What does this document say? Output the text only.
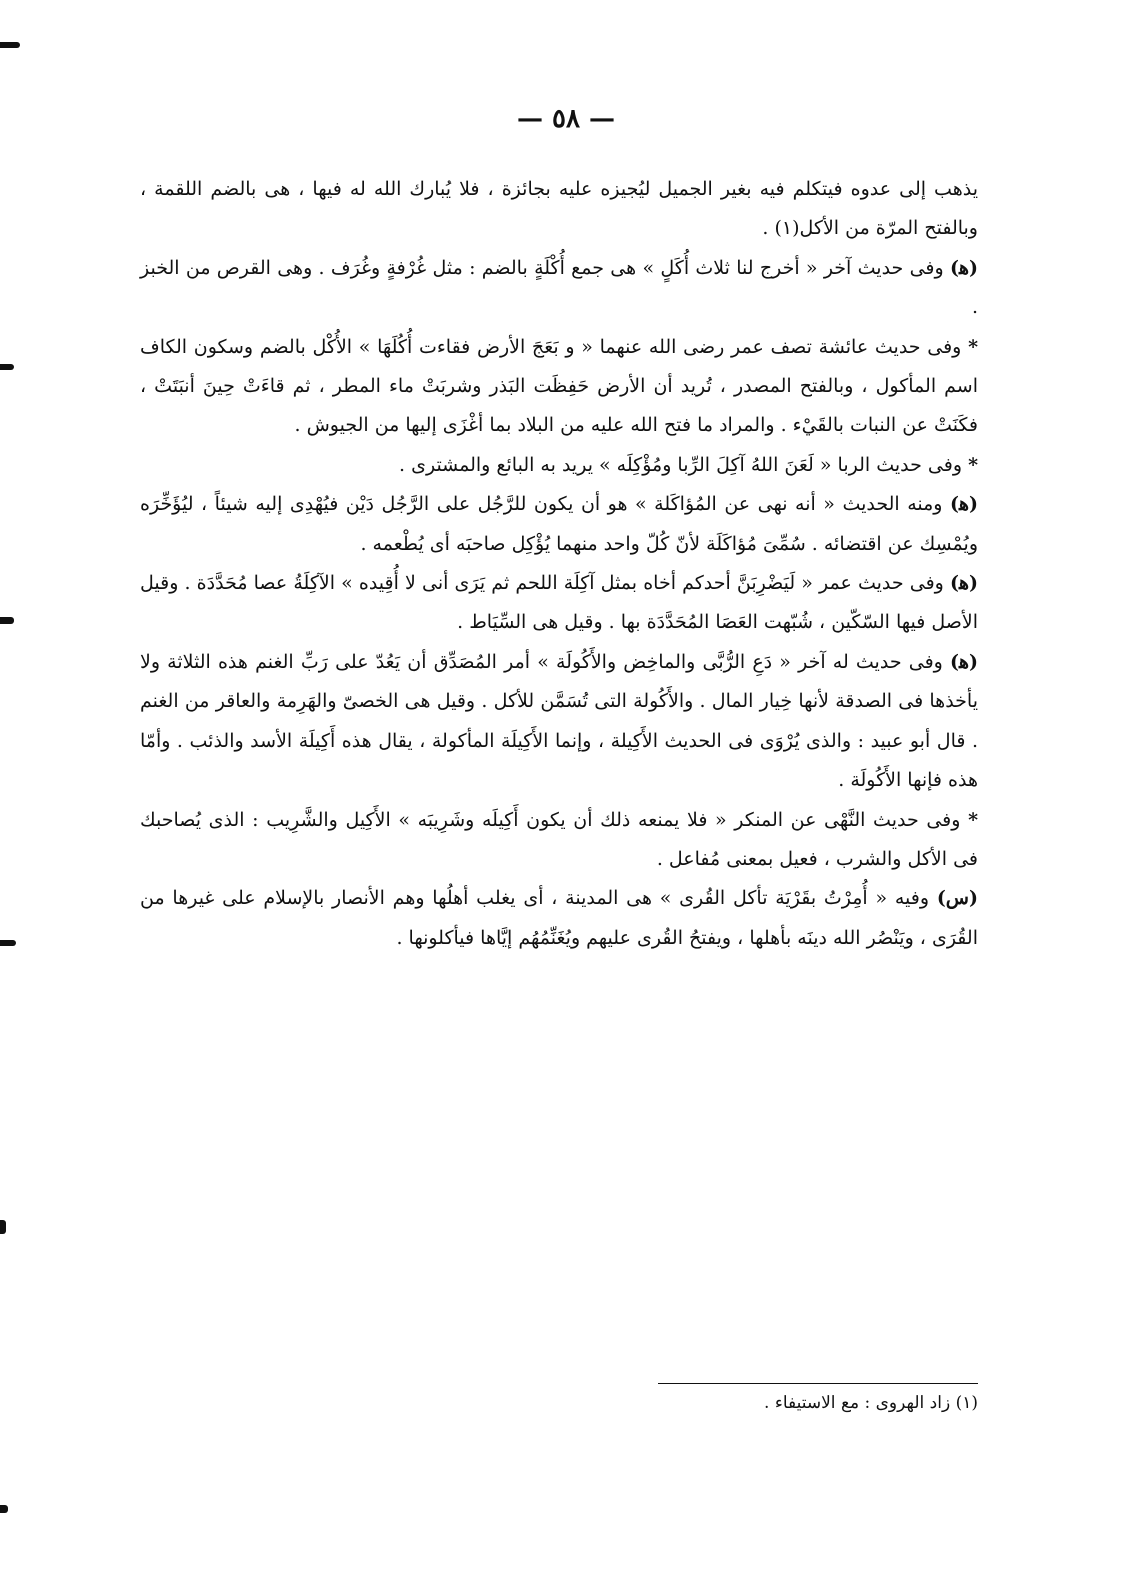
— ٥٨ —

يذهب إلى عدوه فيتكلم فيه بغير الجميل ليُجيزه عليه بجائزة ، فلا يُبارك الله له فيها ، هى بالضم اللقمة ، وبالفتح المرّة من الأكل(١) .

(ﻫ) وفى حديث آخر « أخرج لنا ثلاث أُكَلٍ » هى جمع أُكْلَةٍ بالضم : مثل غُرْفةٍ وغُرَف . وهى القرص من الخبز .

* وفى حديث عائشة تصف عمر رضى الله عنهما « و بَعَجَ الأرض فقاءت أُكُلَهَا » الأُكْل بالضم وسكون الكاف اسم المأكول ، وبالفتح المصدر ، تُريد أن الأرض حَفِظَت البَذر وشربَتْ ماء المطر ، ثم قاءَتْ حِينَ أنبَتَتْ ، فكَنَتْ عن النبات بالقَيْء . والمراد ما فتح الله عليه من البلاد بما أغْزَى إليها من الجيوش .

* وفى حديث الربا « لَعَنَ اللهُ آكِلَ الرِّبا ومُؤْكِلَه » يريد به البائع والمشترى .

(ﻫ) ومنه الحديث « أنه نهى عن المُؤاكَلة » هو أن يكون للرَّجُل على الرَّجُل دَيْن فيُهْدِى إليه شيئاً ، ليُؤَخِّرَه ويُمْسِك عن اقتضائه . سُمِّىَ مُؤاكَلَة لأنّ كُلّ واحد منهما يُؤْكِل صاحبَه أى يُطْعمه .

(ﻫ) وفى حديث عمر « لَيَضْرِبَنَّ أحدكم أخاه بمثل آكِلَة اللحم ثم يَرَى أنى لا أُقِيده » الآكِلَةُ عصا مُحَدَّدَة . وقيل الأصل فيها السّكّين ، شُبّهت العَصَا المُحَدَّدَة بها . وقيل هى السِّيَاط .

(ﻫ) وفى حديث له آخر « دَعِ الرُّبَّى والماخِض والأَكُولَة » أمر المُصَدِّق أن يَعُدّ على رَبِّ الغنم هذه الثلاثة ولا يأخذها فى الصدقة لأنها خِيار المال . والأَكُولة التى تُسَمَّن للأكل . وقيل هى الخصىّ والهَرِمة والعاقر من الغنم . قال أبو عبيد : والذى يُرْوَى فى الحديث الأَكِيلة ، وإنما الأَكِيلَة المأكولة ، يقال هذه أَكِيلَة الأسد والذئب . وأمّا هذه فإنها الأَكُولَة .

* وفى حديث النَّهْى عن المنكر « فلا يمنعه ذلك أن يكون أَكِيلَه وشَرِيبَه » الأَكِيل والشَّرِيب : الذى يُصاحبك فى الأكل والشرب ، فعيل بمعنى مُفاعل .

(س) وفيه « أُمِرْتُ بقَرْيَة تأكل القُرى » هى المدينة ، أى يغلب أهلُها وهم الأنصار بالإسلام على غيرها من القُرَى ، ويَنْصُر الله دينَه بأهلها ، ويفتحُ القُرى عليهم ويُغَنِّمُهُم إيَّاها فيأكلونها .

(١) زاد الهروى : مع الاستيفاء .
